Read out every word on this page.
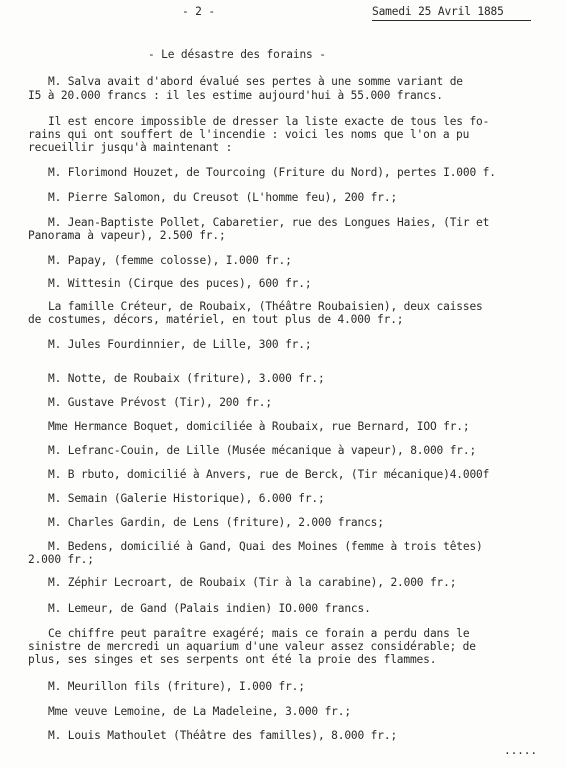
- 2 -	Samedi 25 Avril 1885
- Le désastre des forains -
M. Salva avait d'abord évalué ses pertes à une somme variant de
I5 à 20.000 francs : il les estime aujourd'hui à 55.000 francs.
Il est encore impossible de dresser la liste exacte de tous les fo-
rains qui ont souffert de l'incendie : voici les noms que l'on a pu
recueillir jusqu'à maintenant :
M. Florimond Houzet, de Tourcoing (Friture du Nord), pertes I.000 f.
M. Pierre Salomon, du Creusot (L'homme feu), 200 fr.;
M. Jean-Baptiste Pollet, Cabaretier, rue des Longues Haies, (Tir et
Panorama à vapeur), 2.500 fr.;
M. Papay, (femme colosse), I.000 fr.;
M. Wittesin (Cirque des puces), 600 fr.;
La famille Créteur, de Roubaix, (Théâtre Roubaisien), deux caisses
de costumes, décors, matériel, en tout plus de 4.000 fr.;
M. Jules Fourdinnier, de Lille, 300 fr.;
M. Notte, de Roubaix (friture), 3.000 fr.;
M. Gustave Prévost (Tir), 200 fr.;
Mme Hermance Boquet, domiciliée à Roubaix, rue Bernard, IOO fr.;
M. Lefranc-Couin, de Lille (Musée mécanique à vapeur), 8.000 fr.;
M. B rbuto, domicilié à Anvers, rue de Berck, (Tir mécanique)4.000f
M. Semain (Galerie Historique), 6.000 fr.;
M. Charles Gardin, de Lens (friture), 2.000 francs;
M. Bedens, domicilié à Gand, Quai des Moines (femme à trois têtes)
2.000 fr.;
M. Zéphir Lecroart, de Roubaix (Tir à la carabine), 2.000 fr.;
M. Lemeur, de Gand (Palais indien) IO.000 francs.
Ce chiffre peut paraître exagéré; mais ce forain a perdu dans le
sinistre de mercredi un aquarium d'une valeur assez considérable; de
plus, ses singes et ses serpents ont été la proie des flammes.
M. Meurillon fils (friture), I.000 fr.;
Mme veuve Lemoine, de La Madeleine, 3.000 fr.;
M. Louis Mathoulet (Théâtre des familles), 8.000 fr.;
.....
